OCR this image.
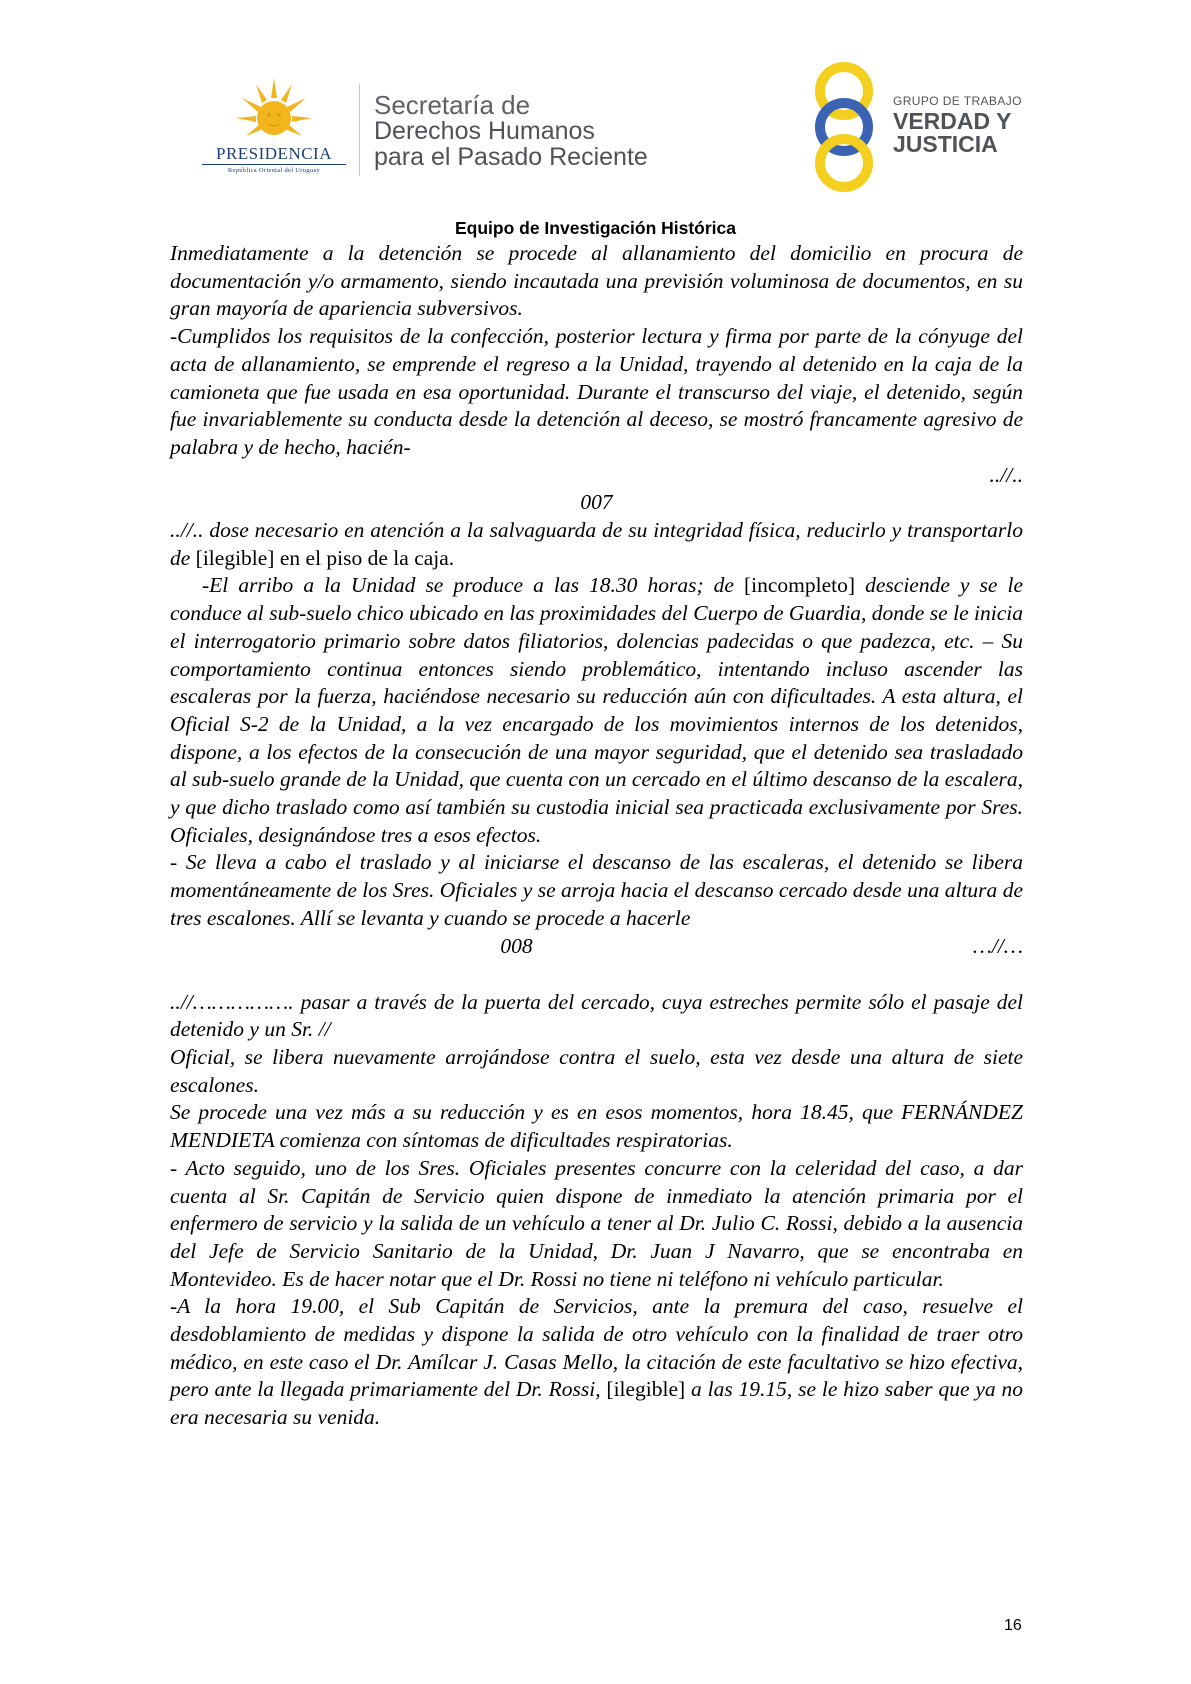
PRESIDENCIA
República Oriental del Uruguay
Secretaría de
Derechos Humanos
para el Pasado Reciente
GRUPO DE TRABAJO
VERDAD Y
JUSTICIA
Equipo de Investigación Histórica

Inmediatamente a la detención se procede al allanamiento del domicilio en procura de documentación y/o armamento, siendo incautada una previsión voluminosa de documentos, en su gran mayoría de apariencia subversivos.

-Cumplidos los requisitos de la confección, posterior lectura y firma por parte de la cónyuge del acta de allanamiento, se emprende el regreso a la Unidad, trayendo al detenido en la caja de la camioneta que fue usada en esa oportunidad. Durante el transcurso del viaje, el detenido, según fue invariablemente su conducta desde la detención al deceso, se mostró francamente agresivo de palabra y de hecho, hacién-

..//..

007

..//.. dose necesario en atención a la salvaguarda de su integridad física, reducirlo y transportarlo de [ilegible] en el piso de la caja.

-El arribo a la Unidad se produce a las 18.30 horas; de [incompleto] desciende y se le conduce al sub-suelo chico ubicado en las proximidades del Cuerpo de Guardia, donde se le inicia el interrogatorio primario sobre datos filiatorios, dolencias padecidas o que padezca, etc. – Su comportamiento continua entonces siendo problemático, intentando incluso ascender las escaleras por la fuerza, haciéndose necesario su reducción aún con dificultades. A esta altura, el Oficial S-2 de la Unidad, a la vez encargado de los movimientos internos de los detenidos, dispone, a los efectos de la consecución de una mayor seguridad, que el detenido sea trasladado al sub-suelo grande de la Unidad, que cuenta con un cercado en el último descanso de la escalera, y que dicho traslado como así también su custodia inicial sea practicada exclusivamente por Sres. Oficiales, designándose tres a esos efectos.

- Se lleva a cabo el traslado y al iniciarse el descanso de las escaleras, el detenido se libera momentáneamente de los Sres. Oficiales y se arroja hacia el descanso cercado desde una altura de tres escalones. Allí se levanta y cuando se procede a hacerle

008	…//…

..//……………. pasar a través de la puerta del cercado, cuya estreches permite sólo el pasaje del detenido y un Sr. //

Oficial, se libera nuevamente arrojándose contra el suelo, esta vez desde una altura de siete escalones.

Se procede una vez más a su reducción y es en esos momentos, hora 18.45, que FERNÁNDEZ MENDIETA comienza con síntomas de dificultades respiratorias.

- Acto seguido, uno de los Sres. Oficiales presentes concurre con la celeridad del caso, a dar cuenta al Sr. Capitán de Servicio quien dispone de inmediato la atención primaria por el enfermero de servicio y la salida de un vehículo a tener al Dr. Julio C. Rossi, debido a la ausencia del Jefe de Servicio Sanitario de la Unidad, Dr. Juan J Navarro, que se encontraba en Montevideo. Es de hacer notar que el Dr. Rossi no tiene ni teléfono ni vehículo particular.

-A la hora 19.00, el Sub Capitán de Servicios, ante la premura del caso, resuelve el desdoblamiento de medidas y dispone la salida de otro vehículo con la finalidad de traer otro médico, en este caso el Dr. Amílcar J. Casas Mello, la citación de este facultativo se hizo efectiva, pero ante la llegada primariamente del Dr. Rossi, [ilegible] a las 19.15, se le hizo saber que ya no era necesaria su venida.

16
